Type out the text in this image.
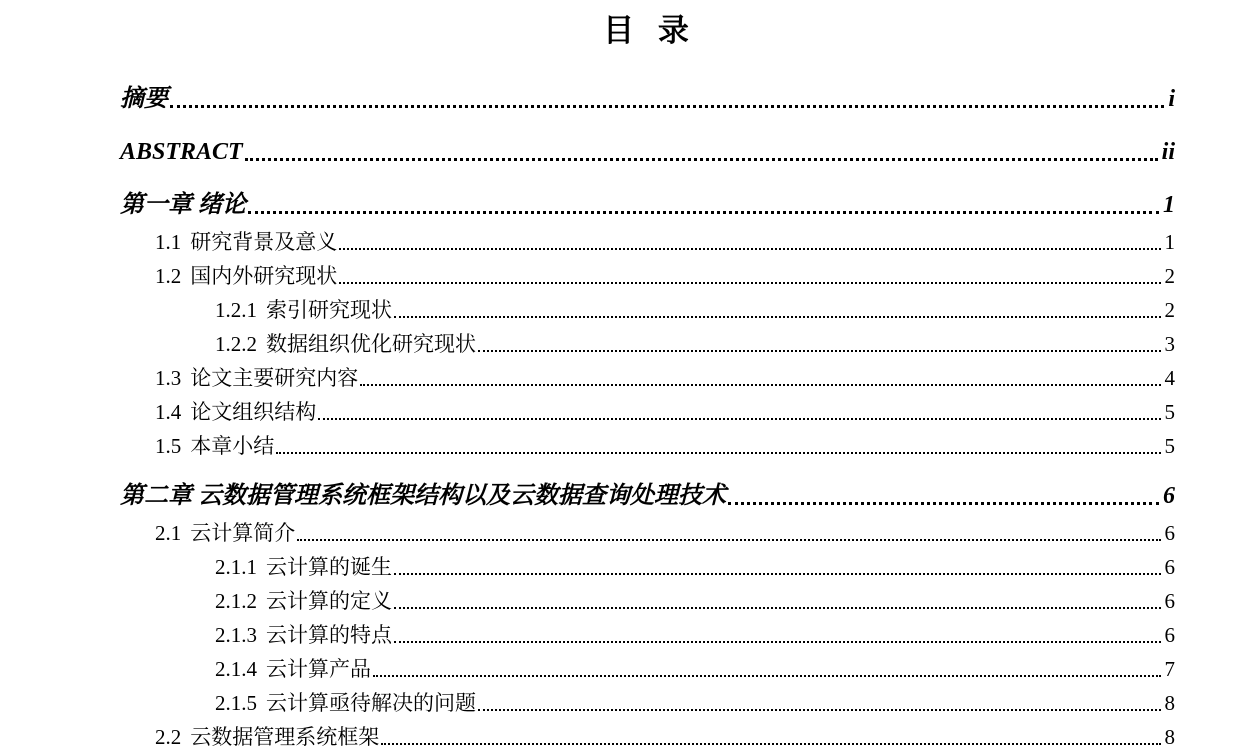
目 录
摘要	i
ABSTRACT	ii
第一章 绪论	1
1.1 研究背景及意义	1
1.2 国内外研究现状	2
1.2.1 索引研究现状	2
1.2.2 数据组织优化研究现状	3
1.3 论文主要研究内容	4
1.4 论文组织结构	5
1.5 本章小结	5
第二章 云数据管理系统框架结构以及云数据查询处理技术	6
2.1 云计算简介	6
2.1.1 云计算的诞生	6
2.1.2 云计算的定义	6
2.1.3 云计算的特点	6
2.1.4 云计算产品	7
2.1.5 云计算亟待解决的问题	8
2.2 云数据管理系统框架	8
